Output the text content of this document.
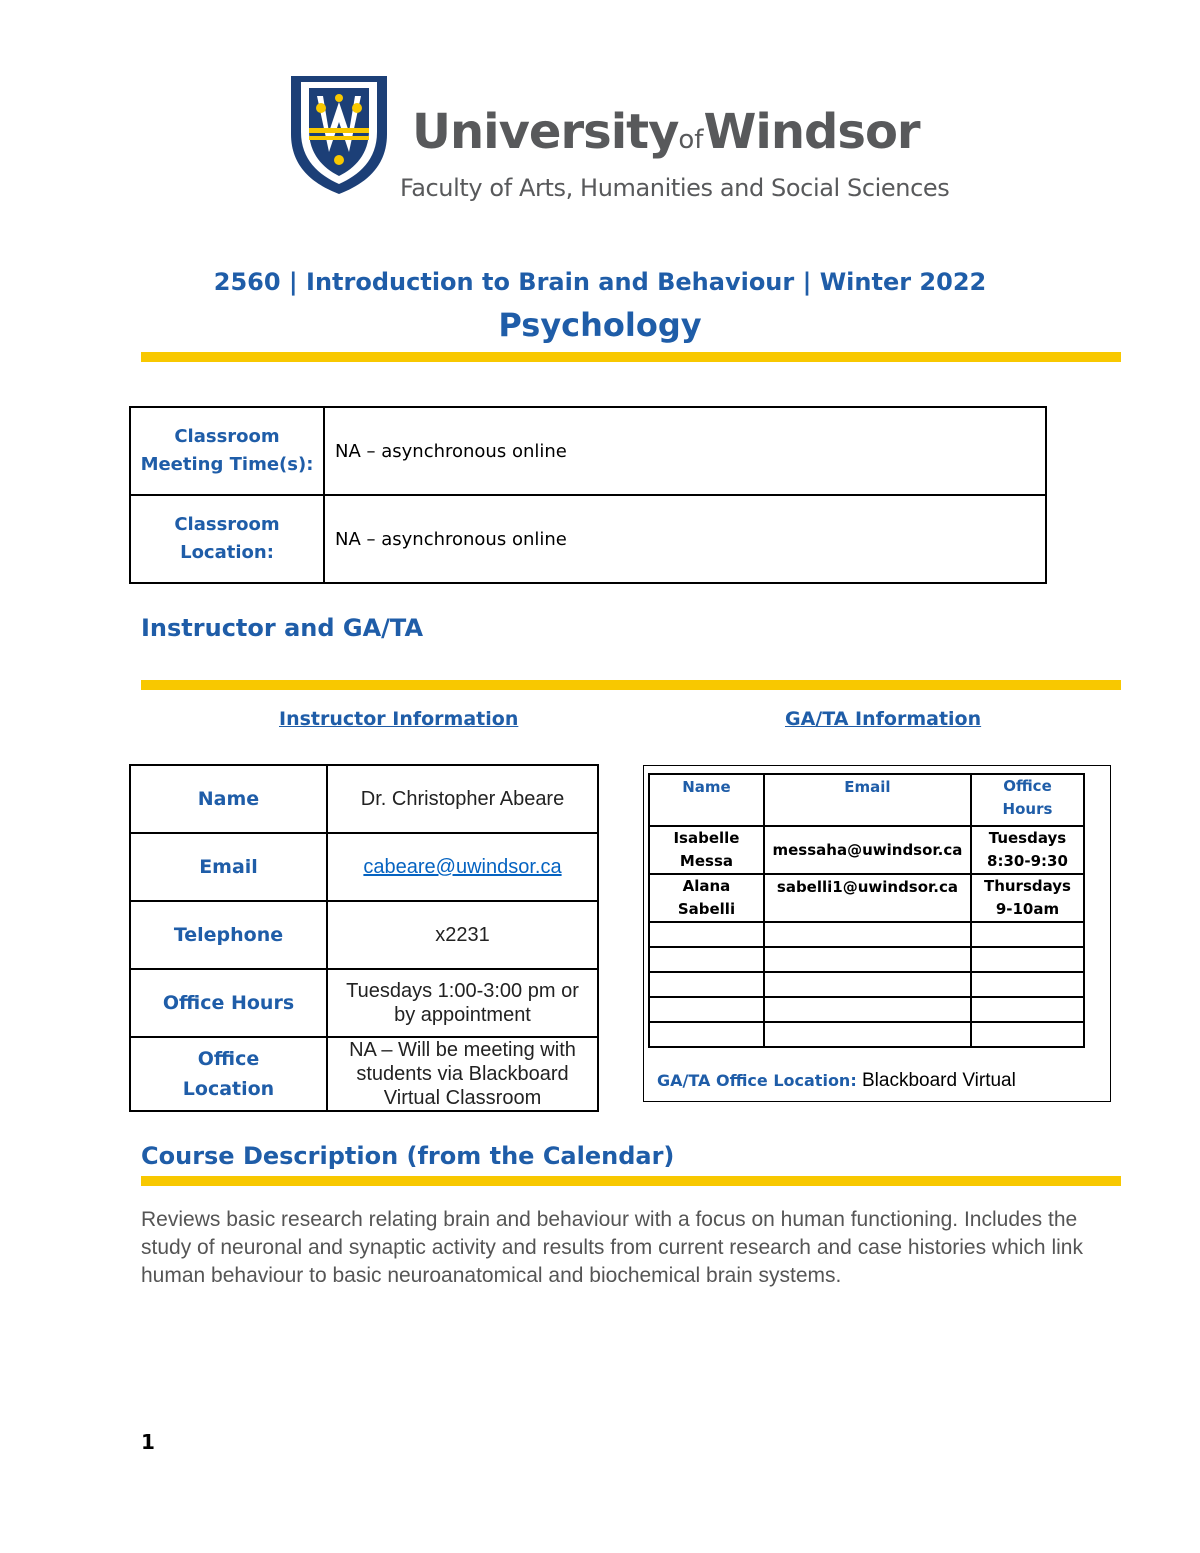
UniversityofWindsor
Faculty of Arts, Humanities and Social Sciences
2560 | Introduction to Brain and Behaviour | Winter 2022
Psychology
Classroom Meeting Time(s):	NA – asynchronous online
Classroom Location:	NA – asynchronous online
Instructor and GA/TA
Instructor Information	GA/TA Information
Name	Dr. Christopher Abeare
Email	cabeare@uwindsor.ca
Telephone	x2231
Office Hours	Tuesdays 1:00-3:00 pm or by appointment
Office Location	NA – Will be meeting with students via Blackboard Virtual Classroom
Name	Email	Office Hours
Isabelle Messa	messaha@uwindsor.ca	Tuesdays 8:30-9:30
Alana Sabelli	sabelli1@uwindsor.ca	Thursdays 9-10am

GA/TA Office Location: Blackboard Virtual
Course Description (from the Calendar)
Reviews basic research relating brain and behaviour with a focus on human functioning. Includes the study of neuronal and synaptic activity and results from current research and case histories which link human behaviour to basic neuroanatomical and biochemical brain systems.
1
